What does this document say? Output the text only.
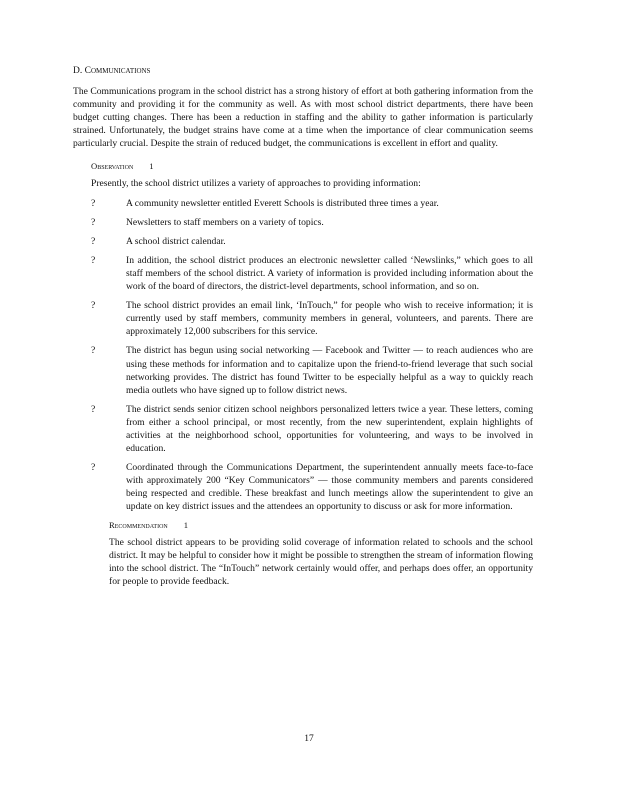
D. Communications

The Communications program in the school district has a strong history of effort at both gathering information from the community and providing it for the community as well. As with most school district departments, there have been budget cutting changes. There has been a reduction in staffing and the ability to gather information is particularly strained. Unfortunately, the budget strains have come at a time when the importance of clear communication seems particularly crucial. Despite the strain of reduced budget, the communications is excellent in effort and quality.

Observation 1

Presently, the school district utilizes a variety of approaches to providing information:

?	A community newsletter entitled Everett Schools is distributed three times a year.
?	Newsletters to staff members on a variety of topics.
?	A school district calendar.
?	In addition, the school district produces an electronic newsletter called ‘Newslinks,” which goes to all staff members of the school district. A variety of information is provided including information about the work of the board of directors, the district-level departments, school information, and so on.
?	The school district provides an email link, ‘InTouch,” for people who wish to receive information; it is currently used by staff members, community members in general, volunteers, and parents. There are approximately 12,000 subscribers for this service.
?	The district has begun using social networking — Facebook and Twitter — to reach audiences who are using these methods for information and to capitalize upon the friend-to-friend leverage that such social networking provides. The district has found Twitter to be especially helpful as a way to quickly reach media outlets who have signed up to follow district news.
?	The district sends senior citizen school neighbors personalized letters twice a year. These letters, coming from either a school principal, or most recently, from the new superintendent, explain highlights of activities at the neighborhood school, opportunities for volunteering, and ways to be involved in education.
?	Coordinated through the Communications Department, the superintendent annually meets face-to-face with approximately 200 “Key Communicators” — those community members and parents considered being respected and credible. These breakfast and lunch meetings allow the superintendent to give an update on key district issues and the attendees an opportunity to discuss or ask for more information.
Recommendation 1

The school district appears to be providing solid coverage of information related to schools and the school district. It may be helpful to consider how it might be possible to strengthen the stream of information flowing into the school district. The “InTouch” network certainly would offer, and perhaps does offer, an opportunity for people to provide feedback.

17
